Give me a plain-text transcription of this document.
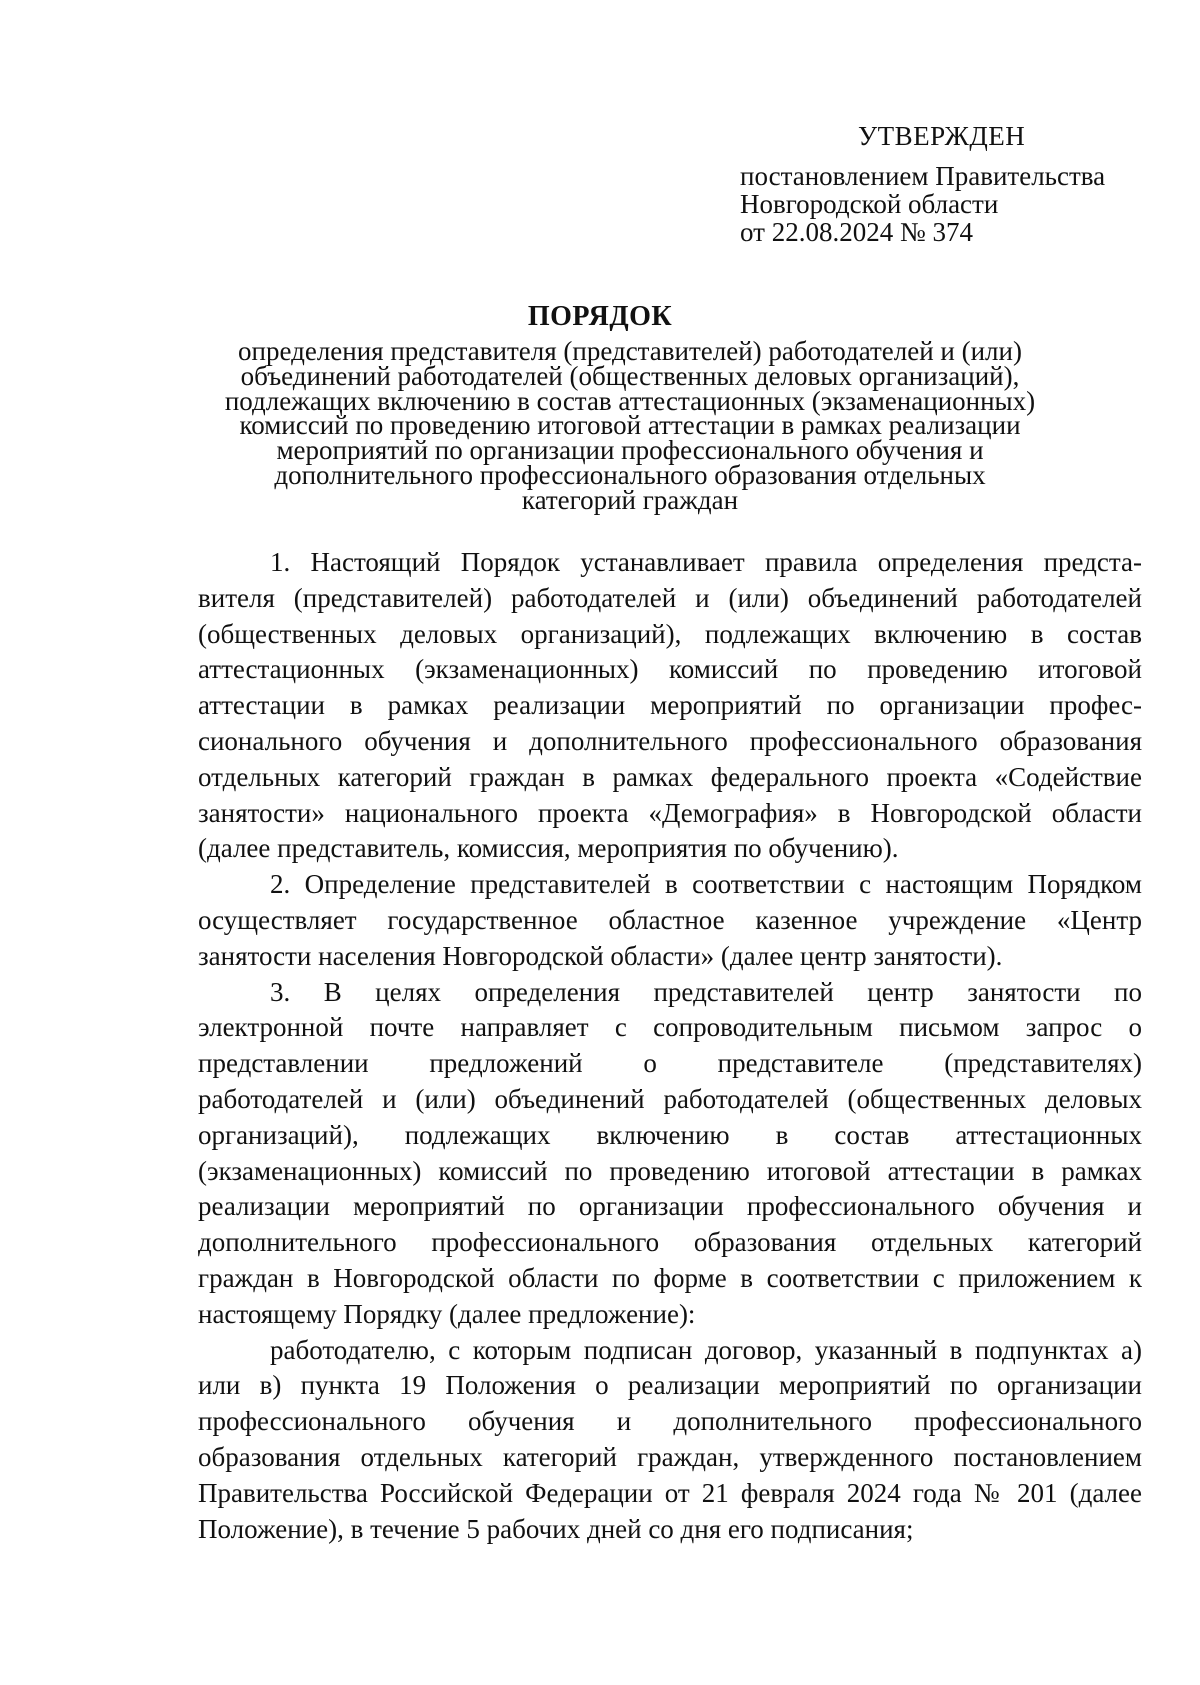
УТВЕРЖДЕН
постановлением Правительства
Новгородской области
от 22.08.2024 № 374
ПОРЯДОК
определения представителя (представителей) работодателей и (или)
объединений работодателей (общественных деловых организаций),
подлежащих включению в состав аттестационных (экзаменационных)
комиссий по проведению итоговой аттестации в рамках реализации
мероприятий по организации профессионального обучения и
дополнительного профессионального образования отдельных
категорий граждан
1. Настоящий Порядок устанавливает правила определения предста-
вителя (представителей) работодателей и (или) объединений работодателей
(общественных деловых организаций), подлежащих включению в состав
аттестационных (экзаменационных) комиссий по проведению итоговой
аттестации в рамках реализации мероприятий по организации профес-
сионального обучения и дополнительного профессионального образования
отдельных категорий граждан в рамках федерального проекта «Содействие
занятости» национального проекта «Демография» в Новгородской области
(далее представитель, комиссия, мероприятия по обучению).
2. Определение представителей в соответствии с настоящим Порядком
осуществляет государственное областное казенное учреждение «Центр
занятости населения Новгородской области» (далее центр занятости).
3. В целях определения представителей центр занятости по
электронной почте направляет с сопроводительным письмом запрос о
представлении предложений о представителе (представителях)
работодателей и (или) объединений работодателей (общественных деловых
организаций), подлежащих включению в состав аттестационных
(экзаменационных) комиссий по проведению итоговой аттестации в рамках
реализации мероприятий по организации профессионального обучения и
дополнительного профессионального образования отдельных категорий
граждан в Новгородской области по форме в соответствии с приложением к
настоящему Порядку (далее предложение):
работодателю, с которым подписан договор, указанный в подпунктах а)
или в) пункта 19 Положения о реализации мероприятий по организации
профессионального обучения и дополнительного профессионального
образования отдельных категорий граждан, утвержденного постановлением
Правительства Российской Федерации от 21 февраля 2024 года № 201 (далее
Положение), в течение 5 рабочих дней со дня его подписания;
